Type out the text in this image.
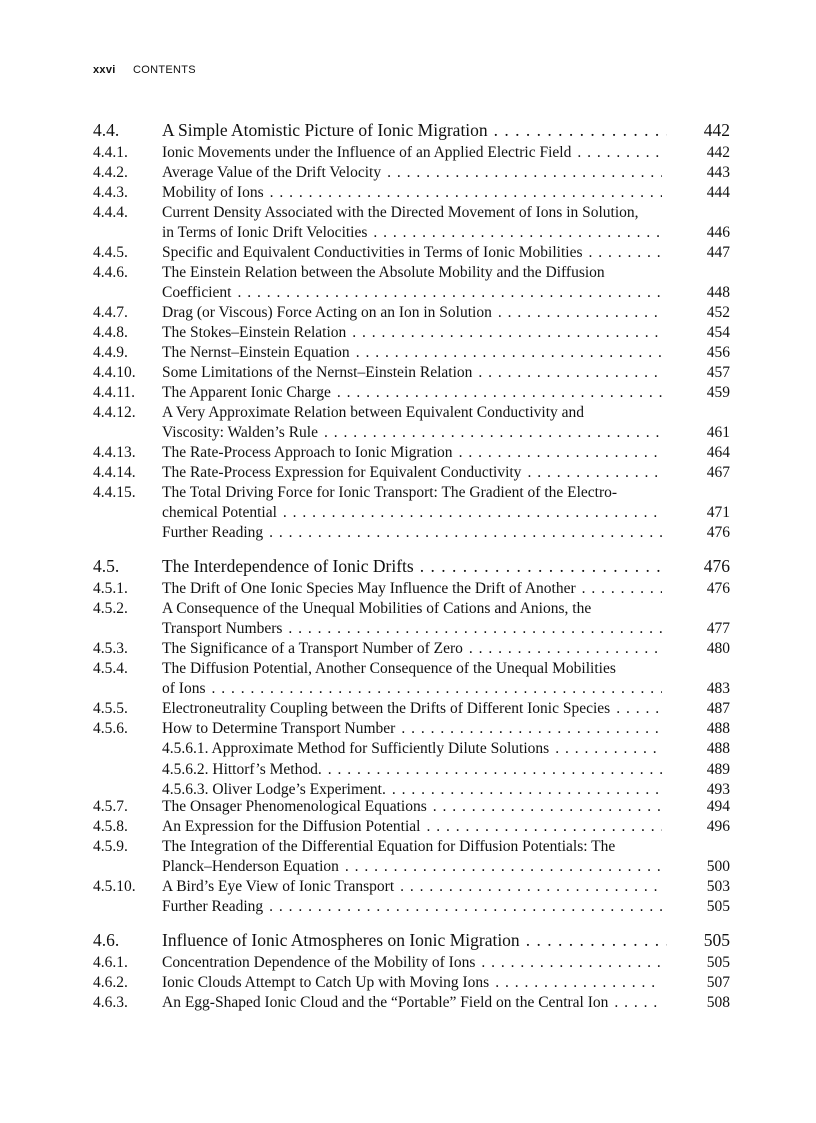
xxvi CONTENTS
4.4. A Simple Atomistic Picture of Ionic Migration . . .	442
4.4.1. Ionic Movements under the Influence of an Applied Electric Field . . .	442
4.4.2. Average Value of the Drift Velocity . . .	443
4.4.3. Mobility of Ions . . .	444
4.4.4. Current Density Associated with the Directed Movement of Ions in Solution,
in Terms of Ionic Drift Velocities . . .	446
4.4.5. Specific and Equivalent Conductivities in Terms of Ionic Mobilities . . .	447
4.4.6. The Einstein Relation between the Absolute Mobility and the Diffusion
Coefficient . . .	448
4.4.7. Drag (or Viscous) Force Acting on an Ion in Solution . . .	452
4.4.8. The Stokes–Einstein Relation . . .	454
4.4.9. The Nernst–Einstein Equation . . .	456
4.4.10. Some Limitations of the Nernst–Einstein Relation . . .	457
4.4.11. The Apparent Ionic Charge . . .	459
4.4.12. A Very Approximate Relation between Equivalent Conductivity and
Viscosity: Walden’s Rule . . .	461
4.4.13. The Rate-Process Approach to Ionic Migration . . .	464
4.4.14. The Rate-Process Expression for Equivalent Conductivity . . .	467
4.4.15. The Total Driving Force for Ionic Transport: The Gradient of the Electro-
chemical Potential . . .	471
Further Reading . . .	476
4.5. The Interdependence of Ionic Drifts . . .	476
4.5.1. The Drift of One Ionic Species May Influence the Drift of Another . . .	476
4.5.2. A Consequence of the Unequal Mobilities of Cations and Anions, the
Transport Numbers . . .	477
4.5.3. The Significance of a Transport Number of Zero . . .	480
4.5.4. The Diffusion Potential, Another Consequence of the Unequal Mobilities
of Ions . . .	483
4.5.5. Electroneutrality Coupling between the Drifts of Different Ionic Species . . .	487
4.5.6. How to Determine Transport Number . . .	488
4.5.6.1. Approximate Method for Sufficiently Dilute Solutions . . .	488
4.5.6.2. Hittorf’s Method. . . .	489
4.5.6.3. Oliver Lodge’s Experiment. . . .	493
4.5.7. The Onsager Phenomenological Equations . . .	494
4.5.8. An Expression for the Diffusion Potential . . .	496
4.5.9. The Integration of the Differential Equation for Diffusion Potentials: The
Planck–Henderson Equation . . .	500
4.5.10. A Bird’s Eye View of Ionic Transport . . .	503
Further Reading . . .	505
4.6. Influence of Ionic Atmospheres on Ionic Migration . . .	505
4.6.1. Concentration Dependence of the Mobility of Ions . . .	505
4.6.2. Ionic Clouds Attempt to Catch Up with Moving Ions . . .	507
4.6.3. An Egg-Shaped Ionic Cloud and the “Portable” Field on the Central Ion . . .	508
